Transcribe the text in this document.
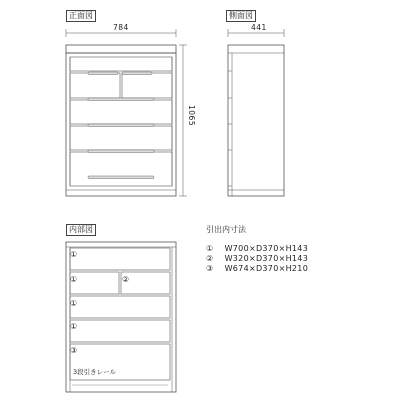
正面図
784
1065
側面図
441
内部図
①
①	②
①
①
③
3段引きレール
引出内寸法
① W700×D370×H143
② W320×D370×H143
③ W674×D370×H210
